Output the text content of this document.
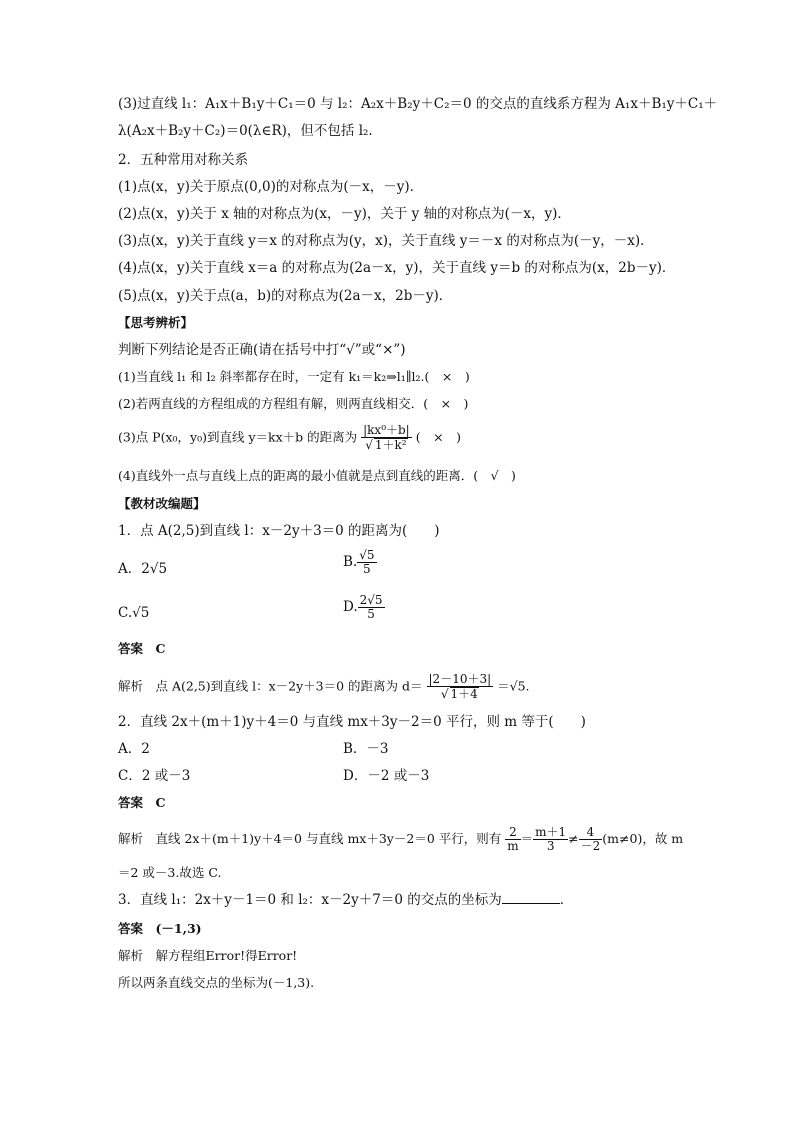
(3)过直线 l₁：A₁x＋B₁y＋C₁＝0 与 l₂：A₂x＋B₂y＋C₂＝0 的交点的直线系方程为 A₁x＋B₁y＋C₁＋
λ(A₂x＋B₂y＋C₂)＝0(λ∈R)，但不包括 l₂.
2．五种常用对称关系
(1)点(x，y)关于原点(0,0)的对称点为(－x，－y)．
(2)点(x，y)关于 x 轴的对称点为(x，－y)，关于 y 轴的对称点为(－x，y)．
(3)点(x，y)关于直线 y＝x 的对称点为(y，x)，关于直线 y＝－x 的对称点为(－y，－x)．
(4)点(x，y)关于直线 x＝a 的对称点为(2a－x，y)，关于直线 y＝b 的对称点为(x，2b－y)．
(5)点(x，y)关于点(a，b)的对称点为(2a－x，2b－y)．
【思考辨析】
判断下列结论是否正确(请在括号中打“√”或“×”)
(1)当直线 l₁ 和 l₂ 斜率都存在时，一定有 k₁＝k₂⇒l₁∥l₂.(　×　)
(2)若两直线的方程组成的方程组有解，则两直线相交．(　×　)
(3)点 P(x₀，y₀)到直线 y＝kx＋b 的距离为 $\frac{\text{|kx⁰＋b|}}{\text{√ 1＋k²}}$ (　×　)
(4)直线外一点与直线上点的距离的最小值就是点到直线的距离．(　√　)
【教材改编题】
1．点 A(2,5)到直线 l：x－2y＋3＝0 的距离为(　　)
A．2√5	B. $\frac{√5}{5}$
C.√5	D. $\frac{2√5}{5}$
答案　C
解析　点 A(2,5)到直线 l：x－2y＋3＝0 的距离为 $d= \frac{|2-10+3|}{√ 1+4} =√5$.
2．直线 2x＋(m＋1)y＋4＝0 与直线 mx＋3y－2＝0 平行，则 m 等于(　　)
A．2	B．－3
C．2 或－3	D．－2 或－3
答案　C
解析　直线 2x＋(m＋1)y＋4＝0 与直线 mx＋3y－2＝0 平行，则有 $\frac{2}{m} = \frac{m+1}{3} \ne \frac{4}{-2} (m\ne 0)$，故 m
＝2 或－3.故选 C.
3．直线 l₁：2x＋y－1＝0 和 l₂：x－2y＋7＝0 的交点的坐标为	．
答案　(－1,3)
解析　解方程组Error!得Error!
所以两条直线交点的坐标为(－1,3).
